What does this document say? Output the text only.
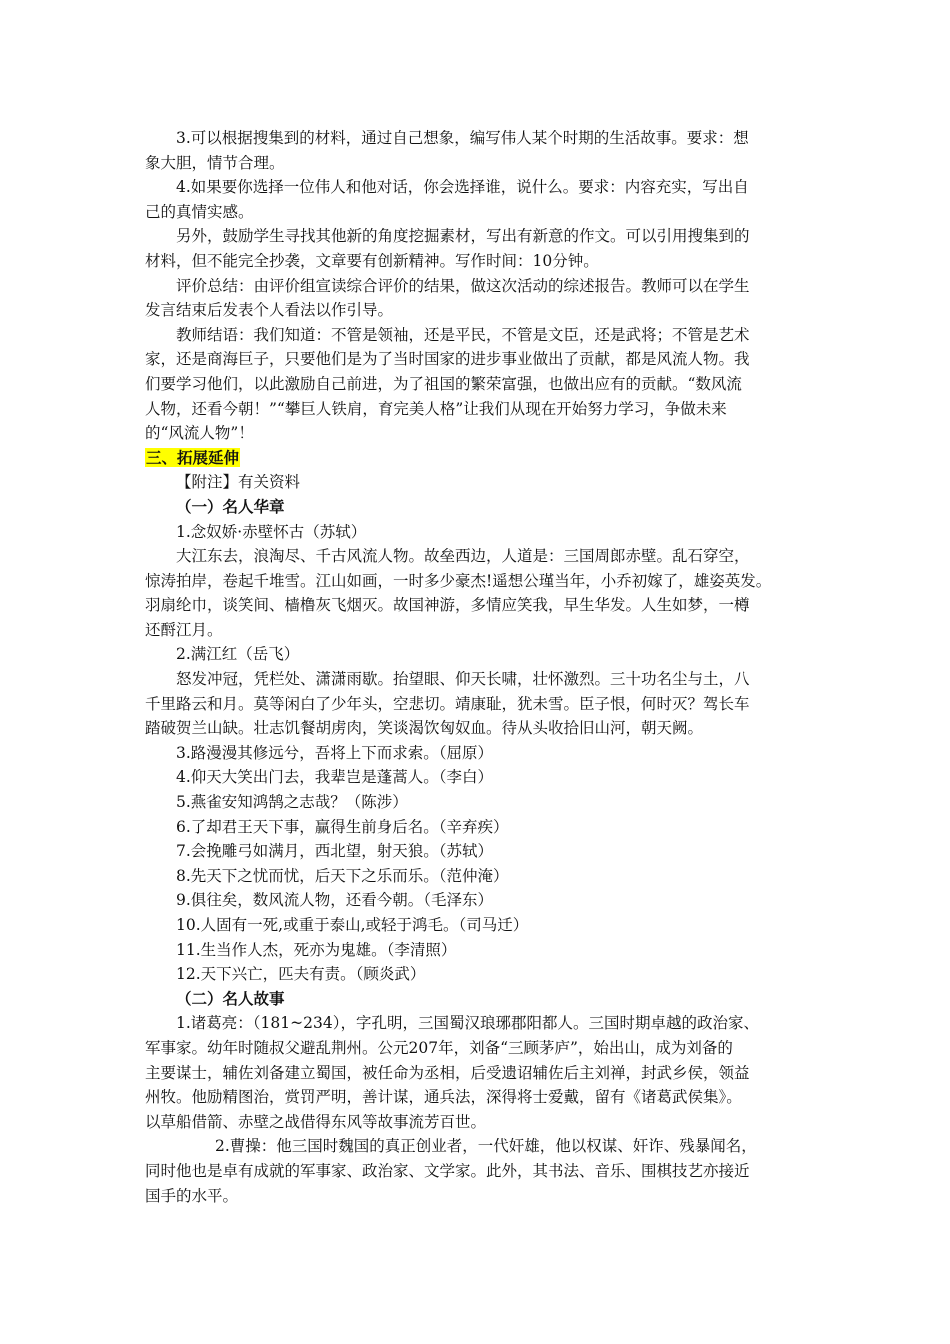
3.可以根据搜集到的材料，通过自己想象，编写伟人某个时期的生活故事。要求：想
象大胆，情节合理。
4.如果要你选择一位伟人和他对话，你会选择谁，说什么。要求：内容充实，写出自
己的真情实感。
另外，鼓励学生寻找其他新的角度挖掘素材，写出有新意的作文。可以引用搜集到的
材料，但不能完全抄袭，文章要有创新精神。写作时间：10分钟。
评价总结：由评价组宣读综合评价的结果，做这次活动的综述报告。教师可以在学生
发言结束后发表个人看法以作引导。
教师结语：我们知道：不管是领袖，还是平民，不管是文臣，还是武将；不管是艺术
家，还是商海巨子，只要他们是为了当时国家的进步事业做出了贡献，都是风流人物。我
们要学习他们，以此激励自己前进，为了祖国的繁荣富强，也做出应有的贡献。“数风流
人物，还看今朝！”“攀巨人铁肩，育完美人格”让我们从现在开始努力学习，争做未来
的“风流人物”！
三、拓展延伸
【附注】有关资料
（一）名人华章
1.念奴娇·赤壁怀古（苏轼）
大江东去，浪淘尽、千古风流人物。故垒西边，人道是：三国周郎赤壁。乱石穿空，
惊涛拍岸，卷起千堆雪。江山如画，一时多少豪杰!遥想公瑾当年，小乔初嫁了，雄姿英发。
羽扇纶巾，谈笑间、樯橹灰飞烟灭。故国神游，多情应笑我，早生华发。人生如梦，一樽
还酹江月。
2.满江红（岳飞）
怒发冲冠，凭栏处、潇潇雨歇。抬望眼、仰天长啸，壮怀激烈。三十功名尘与土，八
千里路云和月。莫等闲白了少年头，空悲切。靖康耻，犹未雪。臣子恨，何时灭？驾长车
踏破贺兰山缺。壮志饥餐胡虏肉，笑谈渴饮匈奴血。待从头收拾旧山河，朝天阙。
3.路漫漫其修远兮，吾将上下而求索。（屈原）
4.仰天大笑出门去，我辈岂是蓬蒿人。（李白）
5.燕雀安知鸿鹄之志哉？（陈涉）
6.了却君王天下事，赢得生前身后名。（辛弃疾）
7.会挽雕弓如满月，西北望，射天狼。（苏轼）
8.先天下之忧而忧，后天下之乐而乐。（范仲淹）
9.俱往矣，数风流人物，还看今朝。（毛泽东）
10.人固有一死,或重于泰山,或轻于鸿毛。（司马迁）
11.生当作人杰，死亦为鬼雄。（李清照）
12.天下兴亡，匹夫有责。（顾炎武）
（二）名人故事
1.诸葛亮：（181~234），字孔明，三国蜀汉琅琊郡阳都人。三国时期卓越的政治家、
军事家。幼年时随叔父避乱荆州。公元207年，刘备“三顾茅庐”，始出山，成为刘备的
主要谋士，辅佐刘备建立蜀国，被任命为丞相，后受遗诏辅佐后主刘禅，封武乡侯，领益
州牧。他励精图治，赏罚严明，善计谋，通兵法，深得将士爱戴，留有《诸葛武侯集》。
以草船借箭、赤壁之战借得东风等故事流芳百世。
2.曹操：他三国时魏国的真正创业者，一代奸雄，他以权谋、奸诈、残暴闻名，
同时他也是卓有成就的军事家、政治家、文学家。此外，其书法、音乐、围棋技艺亦接近
国手的水平。
